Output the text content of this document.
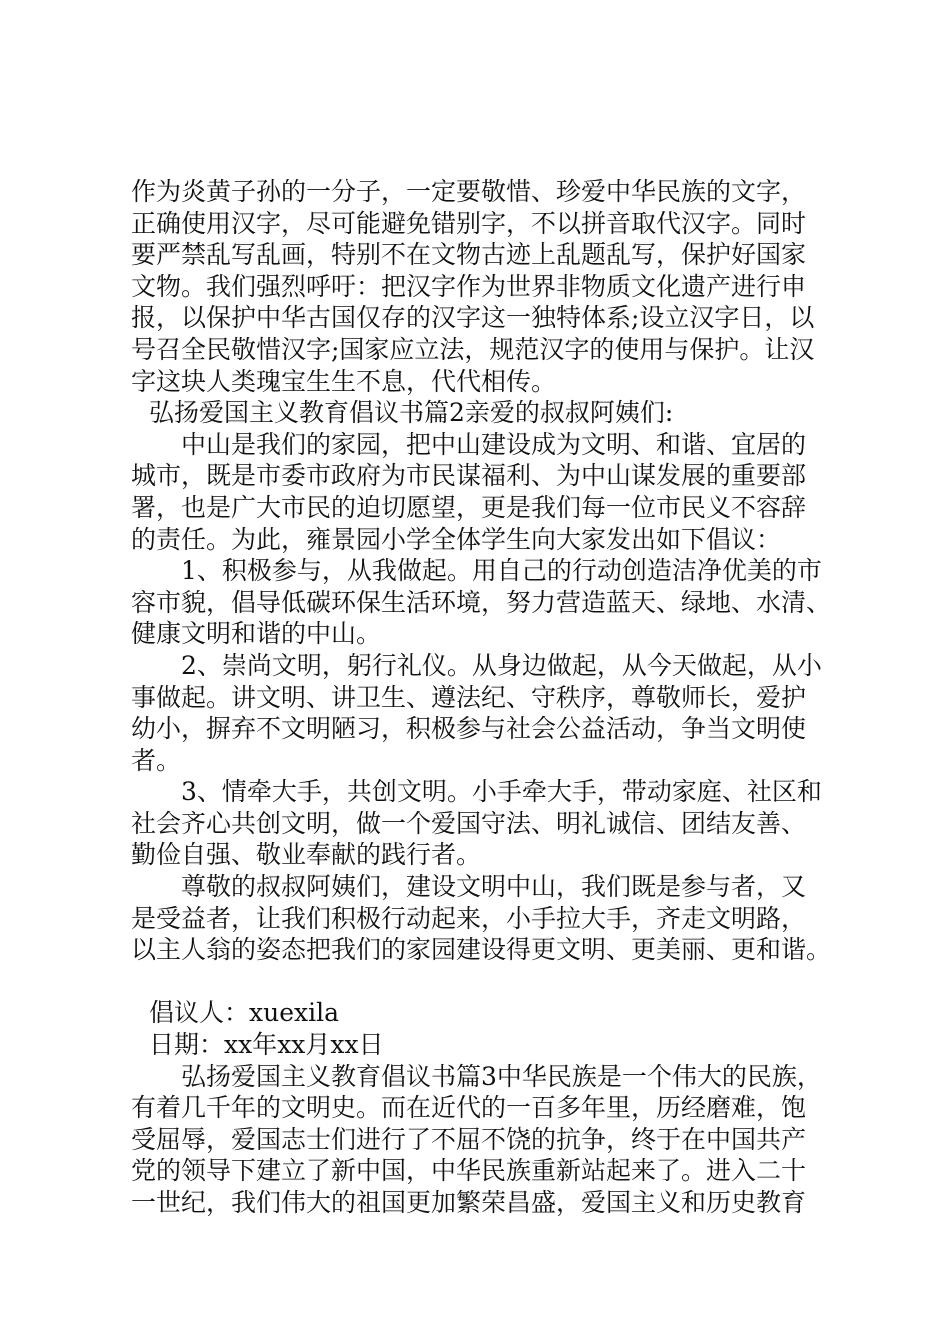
作为炎黄子孙的一分子，一定要敬惜、珍爱中华民族的文字，
正确使用汉字，尽可能避免错别字，不以拼音取代汉字。同时
要严禁乱写乱画，特别不在文物古迹上乱题乱写，保护好国家
文物。我们强烈呼吁：把汉字作为世界非物质文化遗产进行申
报，以保护中华古国仅存的汉字这一独特体系;设立汉字日，以
号召全民敬惜汉字;国家应立法，规范汉字的使用与保护。让汉
字这块人类瑰宝生生不息，代代相传。
弘扬爱国主义教育倡议书篇2亲爱的叔叔阿姨们:
中山是我们的家园，把中山建设成为文明、和谐、宜居的
城市，既是市委市政府为市民谋福利、为中山谋发展的重要部
署，也是广大市民的迫切愿望，更是我们每一位市民义不容辞
的责任。为此，雍景园小学全体学生向大家发出如下倡议：
1、积极参与，从我做起。用自己的行动创造洁净优美的市
容市貌，倡导低碳环保生活环境，努力营造蓝天、绿地、水清、
健康文明和谐的中山。
2、崇尚文明，躬行礼仪。从身边做起，从今天做起，从小
事做起。讲文明、讲卫生、遵法纪、守秩序，尊敬师长，爱护
幼小，摒弃不文明陋习，积极参与社会公益活动，争当文明使
者。
3、情牵大手，共创文明。小手牵大手，带动家庭、社区和
社会齐心共创文明，做一个爱国守法、明礼诚信、团结友善、
勤俭自强、敬业奉献的践行者。
尊敬的叔叔阿姨们，建设文明中山，我们既是参与者，又
是受益者，让我们积极行动起来，小手拉大手，齐走文明路，
以主人翁的姿态把我们的家园建设得更文明、更美丽、更和谐。
倡议人：xuexila
日期：xx年xx月xx日
弘扬爱国主义教育倡议书篇3中华民族是一个伟大的民族，
有着几千年的文明史。而在近代的一百多年里，历经磨难，饱
受屈辱，爱国志士们进行了不屈不饶的抗争，终于在中国共产
党的领导下建立了新中国，中华民族重新站起来了。进入二十
一世纪，我们伟大的祖国更加繁荣昌盛，爱国主义和历史教育
